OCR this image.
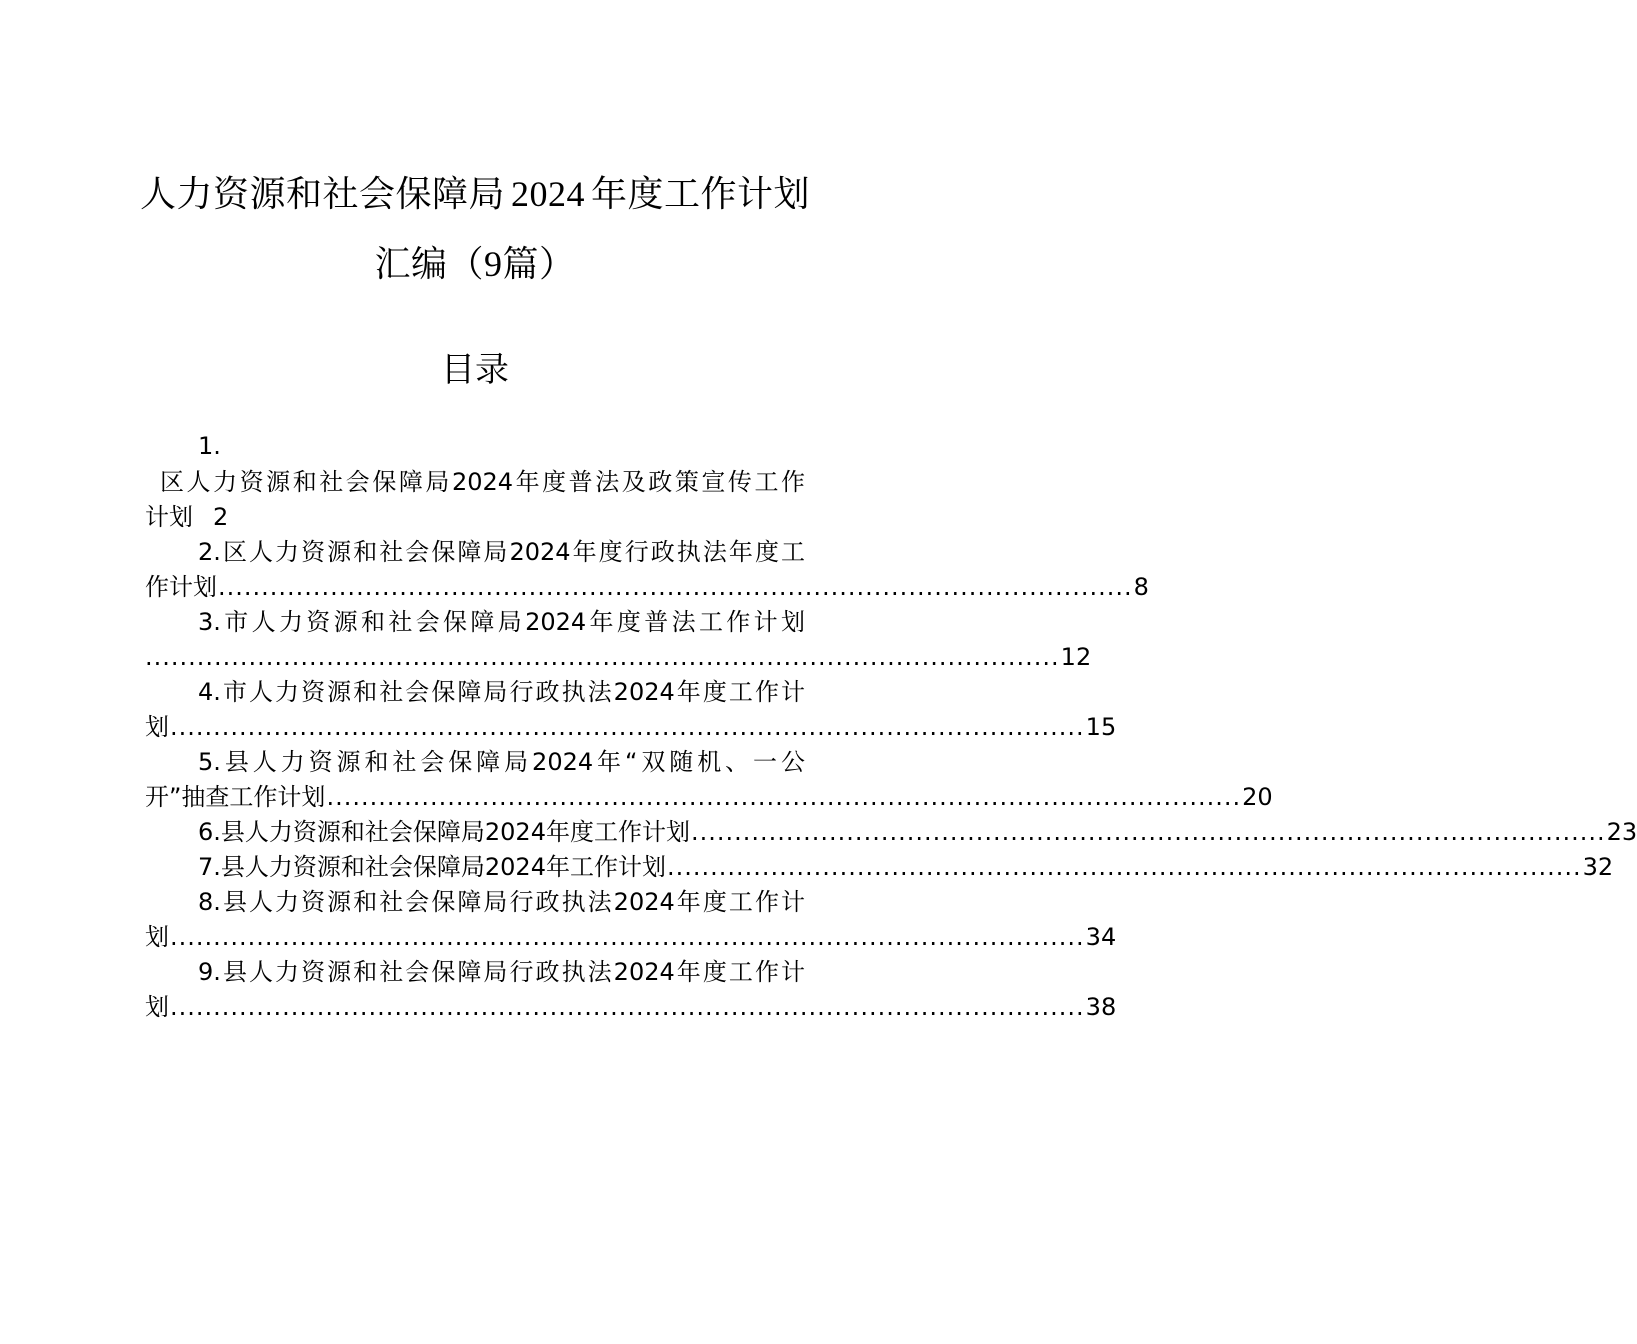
人力资源和社会保障局 2024 年度工作计划
汇编（9篇）
目录
1.
区人力资源和社会保障局2024年度普法及政策宣传工作
计划 2
2.区人力资源和社会保障局2024年度行政执法年度工
作计划 .......................................................................................................... 8
3.市人力资源和社会保障局2024年度普法工作计划
.......................................................................................................... 12
4.市人力资源和社会保障局行政执法2024年度工作计
划 .......................................................................................................... 15
5.县人力资源和社会保障局2024年“双随机、一公
开”抽查工作计划 .......................................................................................................... 20
6.县人力资源和社会保障局2024年度工作计划 .......................................................................................................... 23
7.县人力资源和社会保障局2024年工作计划 .......................................................................................................... 32
8.县人力资源和社会保障局行政执法2024年度工作计
划 .......................................................................................................... 34
9.县人力资源和社会保障局行政执法2024年度工作计
划 .......................................................................................................... 38
